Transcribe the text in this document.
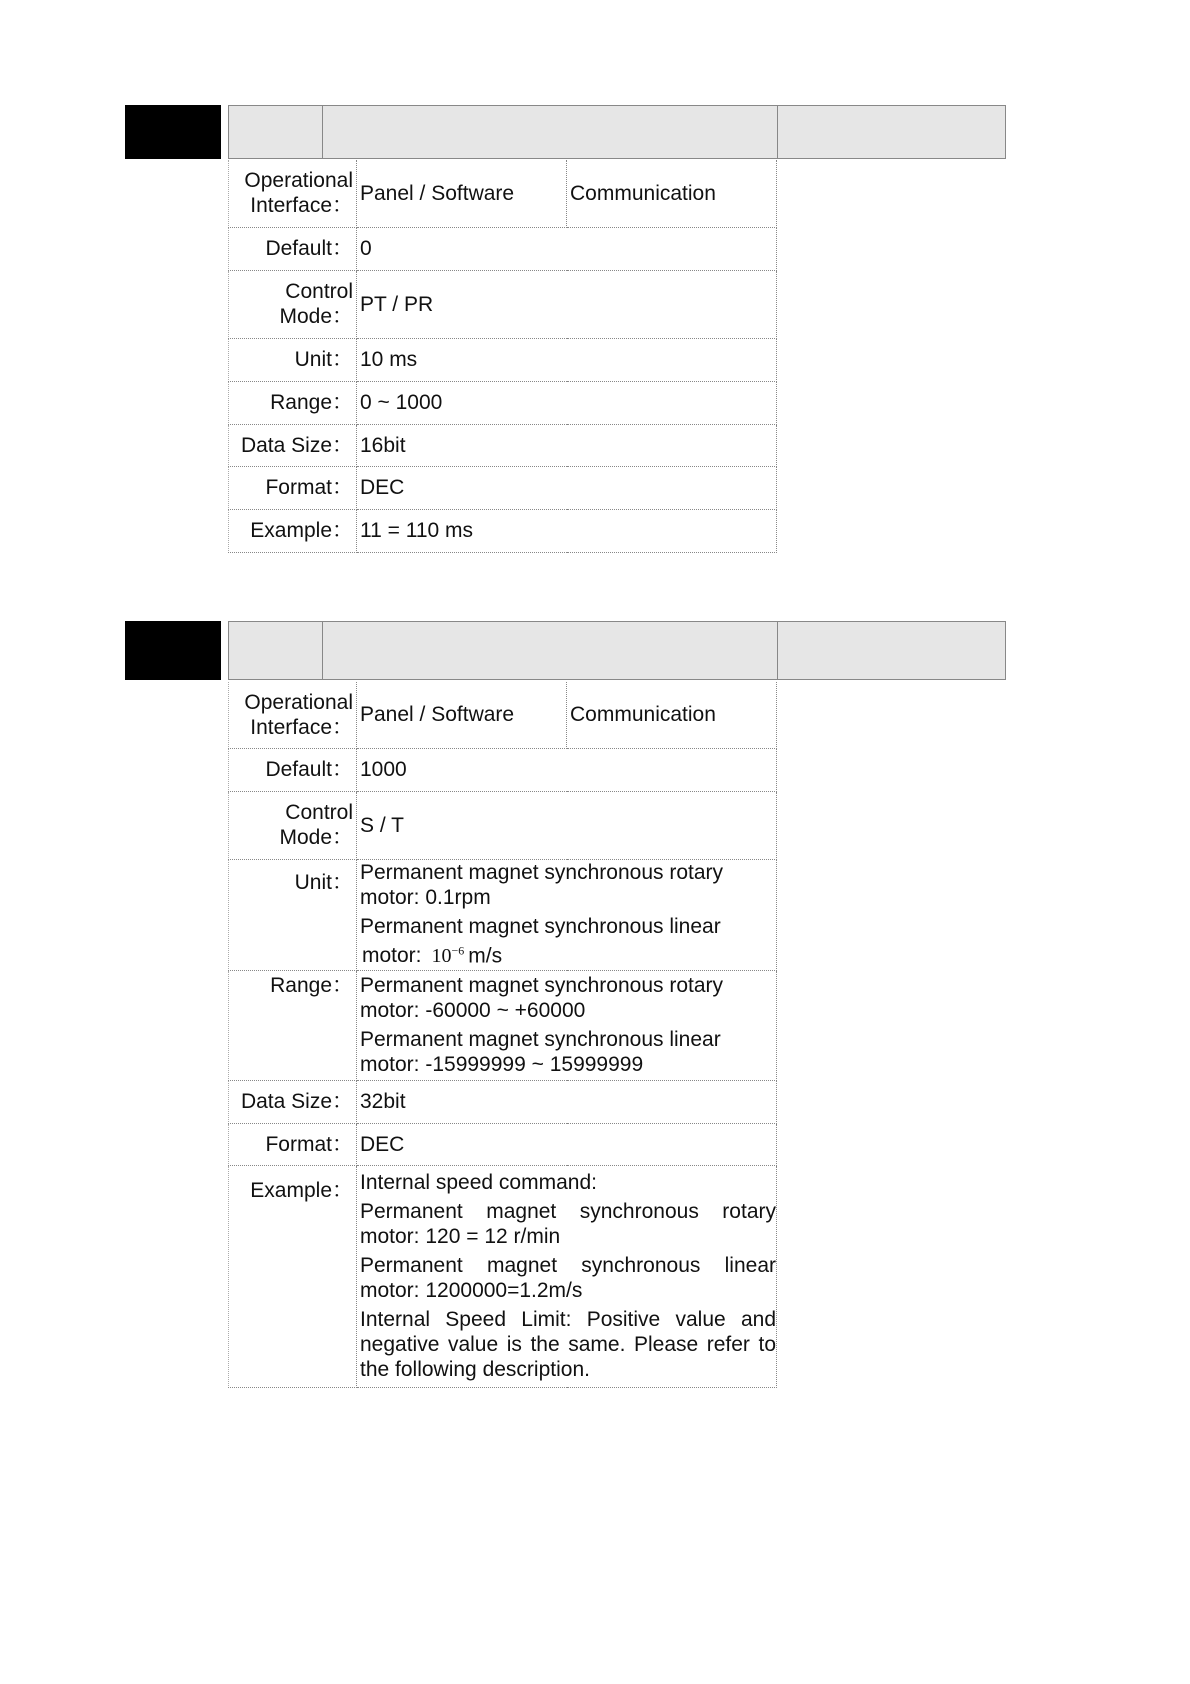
Operational
Interface：	Panel / Software	Communication
Default：	0	

Control
Mode：	PT / PR	
Unit：	10 ms	
Range：	0 ~ 1000	
Data Size：	16bit	
Format：	DEC	
Example：	11 = 110 ms	
Operational
Interface：	Panel / Software	Communication
Default：	1000	

Control
Mode：	S / T	
Unit：	Permanent magnet synchronous rotary motor: 0.1rpm

Permanent magnet synchronous linear
motor: $10^{-6}$ m/s	

Range：	Permanent magnet synchronous rotary motor: -60000 ~ +60000

Permanent magnet synchronous linear motor: -15999999 ~ 15999999	

Data Size：	32bit	
Format：	DEC	
Example：	Internal speed command:

Permanent magnet synchronous rotary motor: 120 = 12 r/min

Permanent magnet synchronous linear motor: 1200000=1.2m/s

Internal Speed Limit: Positive value and negative value is the same. Please refer to the following description.	
